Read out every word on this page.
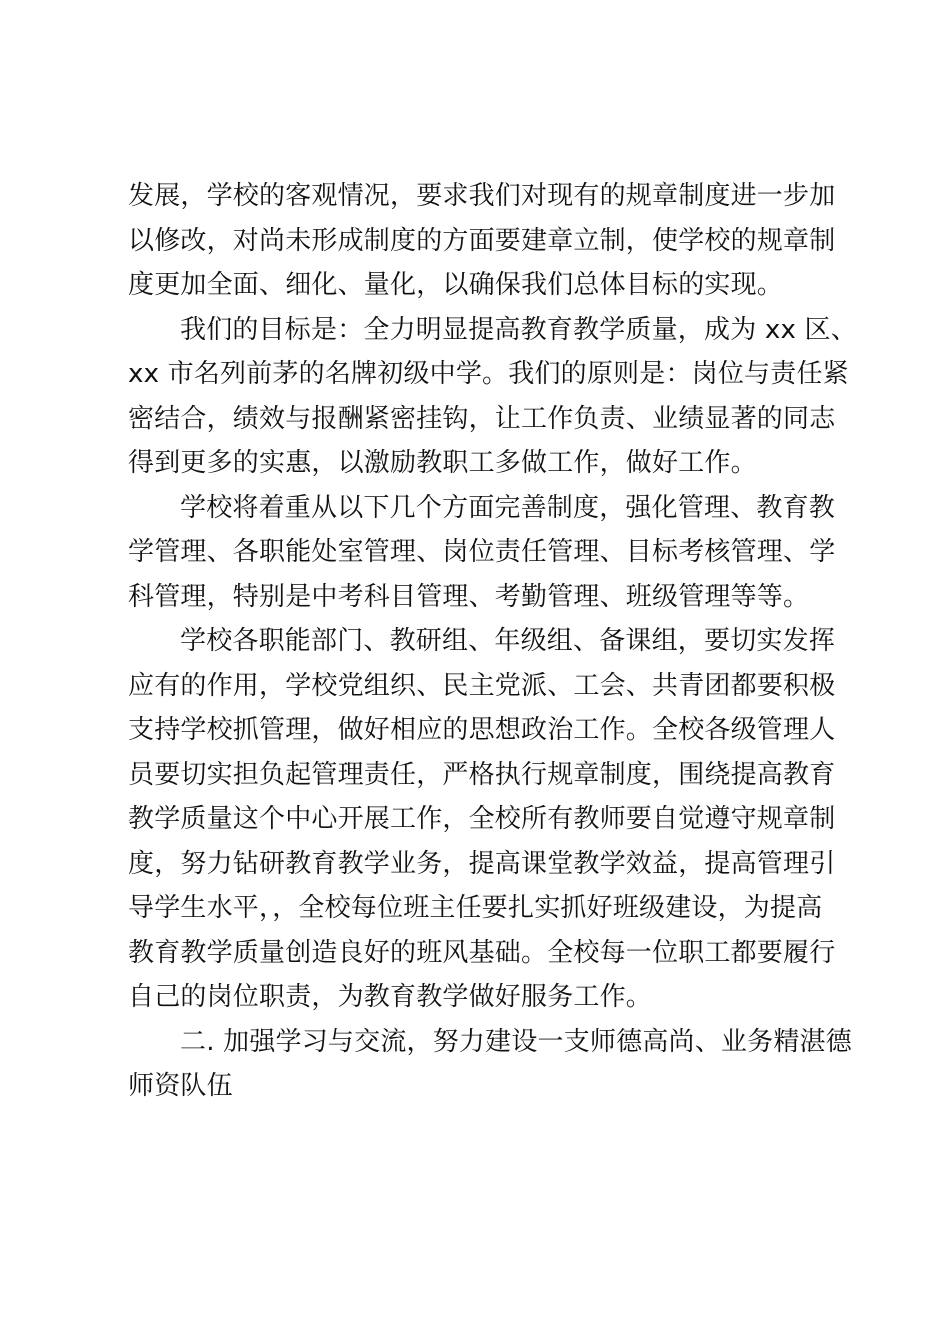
发展，学校的客观情况，要求我们对现有的规章制度进一步加
以修改，对尚未形成制度的方面要建章立制，使学校的规章制
度更加全面、细化、量化，以确保我们总体目标的实现。

我们的目标是：全力明显提高教育教学质量，成为 xx 区、
xx 市名列前茅的名牌初级中学。我们的原则是：岗位与责任紧
密结合，绩效与报酬紧密挂钩，让工作负责、业绩显著的同志
得到更多的实惠，以激励教职工多做工作，做好工作。

学校将着重从以下几个方面完善制度，强化管理、教育教
学管理、各职能处室管理、岗位责任管理、目标考核管理、学
科管理，特别是中考科目管理、考勤管理、班级管理等等。

学校各职能部门、教研组、年级组、备课组，要切实发挥
应有的作用，学校党组织、民主党派、工会、共青团都要积极
支持学校抓管理，做好相应的思想政治工作。全校各级管理人
员要切实担负起管理责任，严格执行规章制度，围绕提高教育
教学质量这个中心开展工作，全校所有教师要自觉遵守规章制
度，努力钻研教育教学业务，提高课堂教学效益，提高管理引
导学生水平，，全校每位班主任要扎实抓好班级建设，为提高
教育教学质量创造良好的班风基础。全校每一位职工都要履行
自己的岗位职责，为教育教学做好服务工作。

二. 加强学习与交流，努力建设一支师德高尚、业务精湛德
师资队伍
